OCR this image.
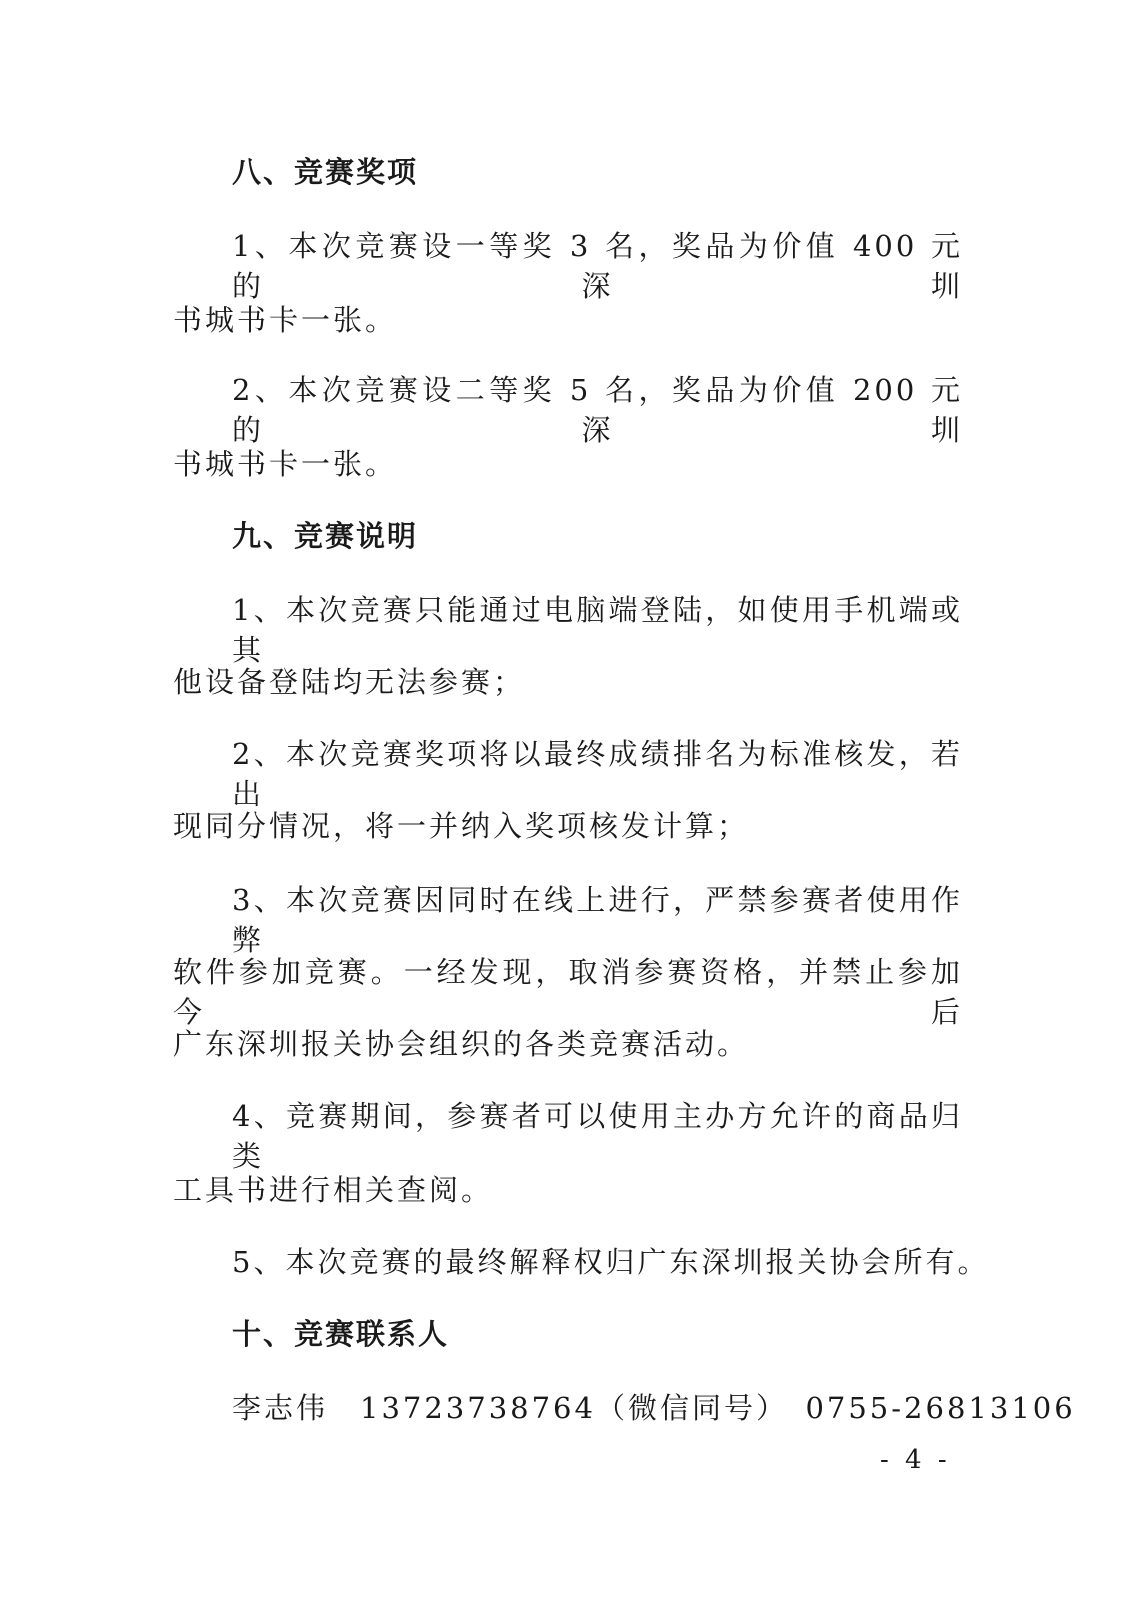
八、竞赛奖项
1、本次竞赛设一等奖 3 名，奖品为价值 400 元的深圳
书城书卡一张。
2、本次竞赛设二等奖 5 名，奖品为价值 200 元的深圳
书城书卡一张。
九、竞赛说明
1、本次竞赛只能通过电脑端登陆，如使用手机端或其
他设备登陆均无法参赛；
2、本次竞赛奖项将以最终成绩排名为标准核发，若出
现同分情况，将一并纳入奖项核发计算；
3、本次竞赛因同时在线上进行，严禁参赛者使用作弊
软件参加竞赛。一经发现，取消参赛资格，并禁止参加今后
广东深圳报关协会组织的各类竞赛活动。
4、竞赛期间，参赛者可以使用主办方允许的商品归类
工具书进行相关查阅。
5、本次竞赛的最终解释权归广东深圳报关协会所有。
十、竞赛联系人
李志伟　13723738764（微信同号）　0755-26813106
- 4 -
